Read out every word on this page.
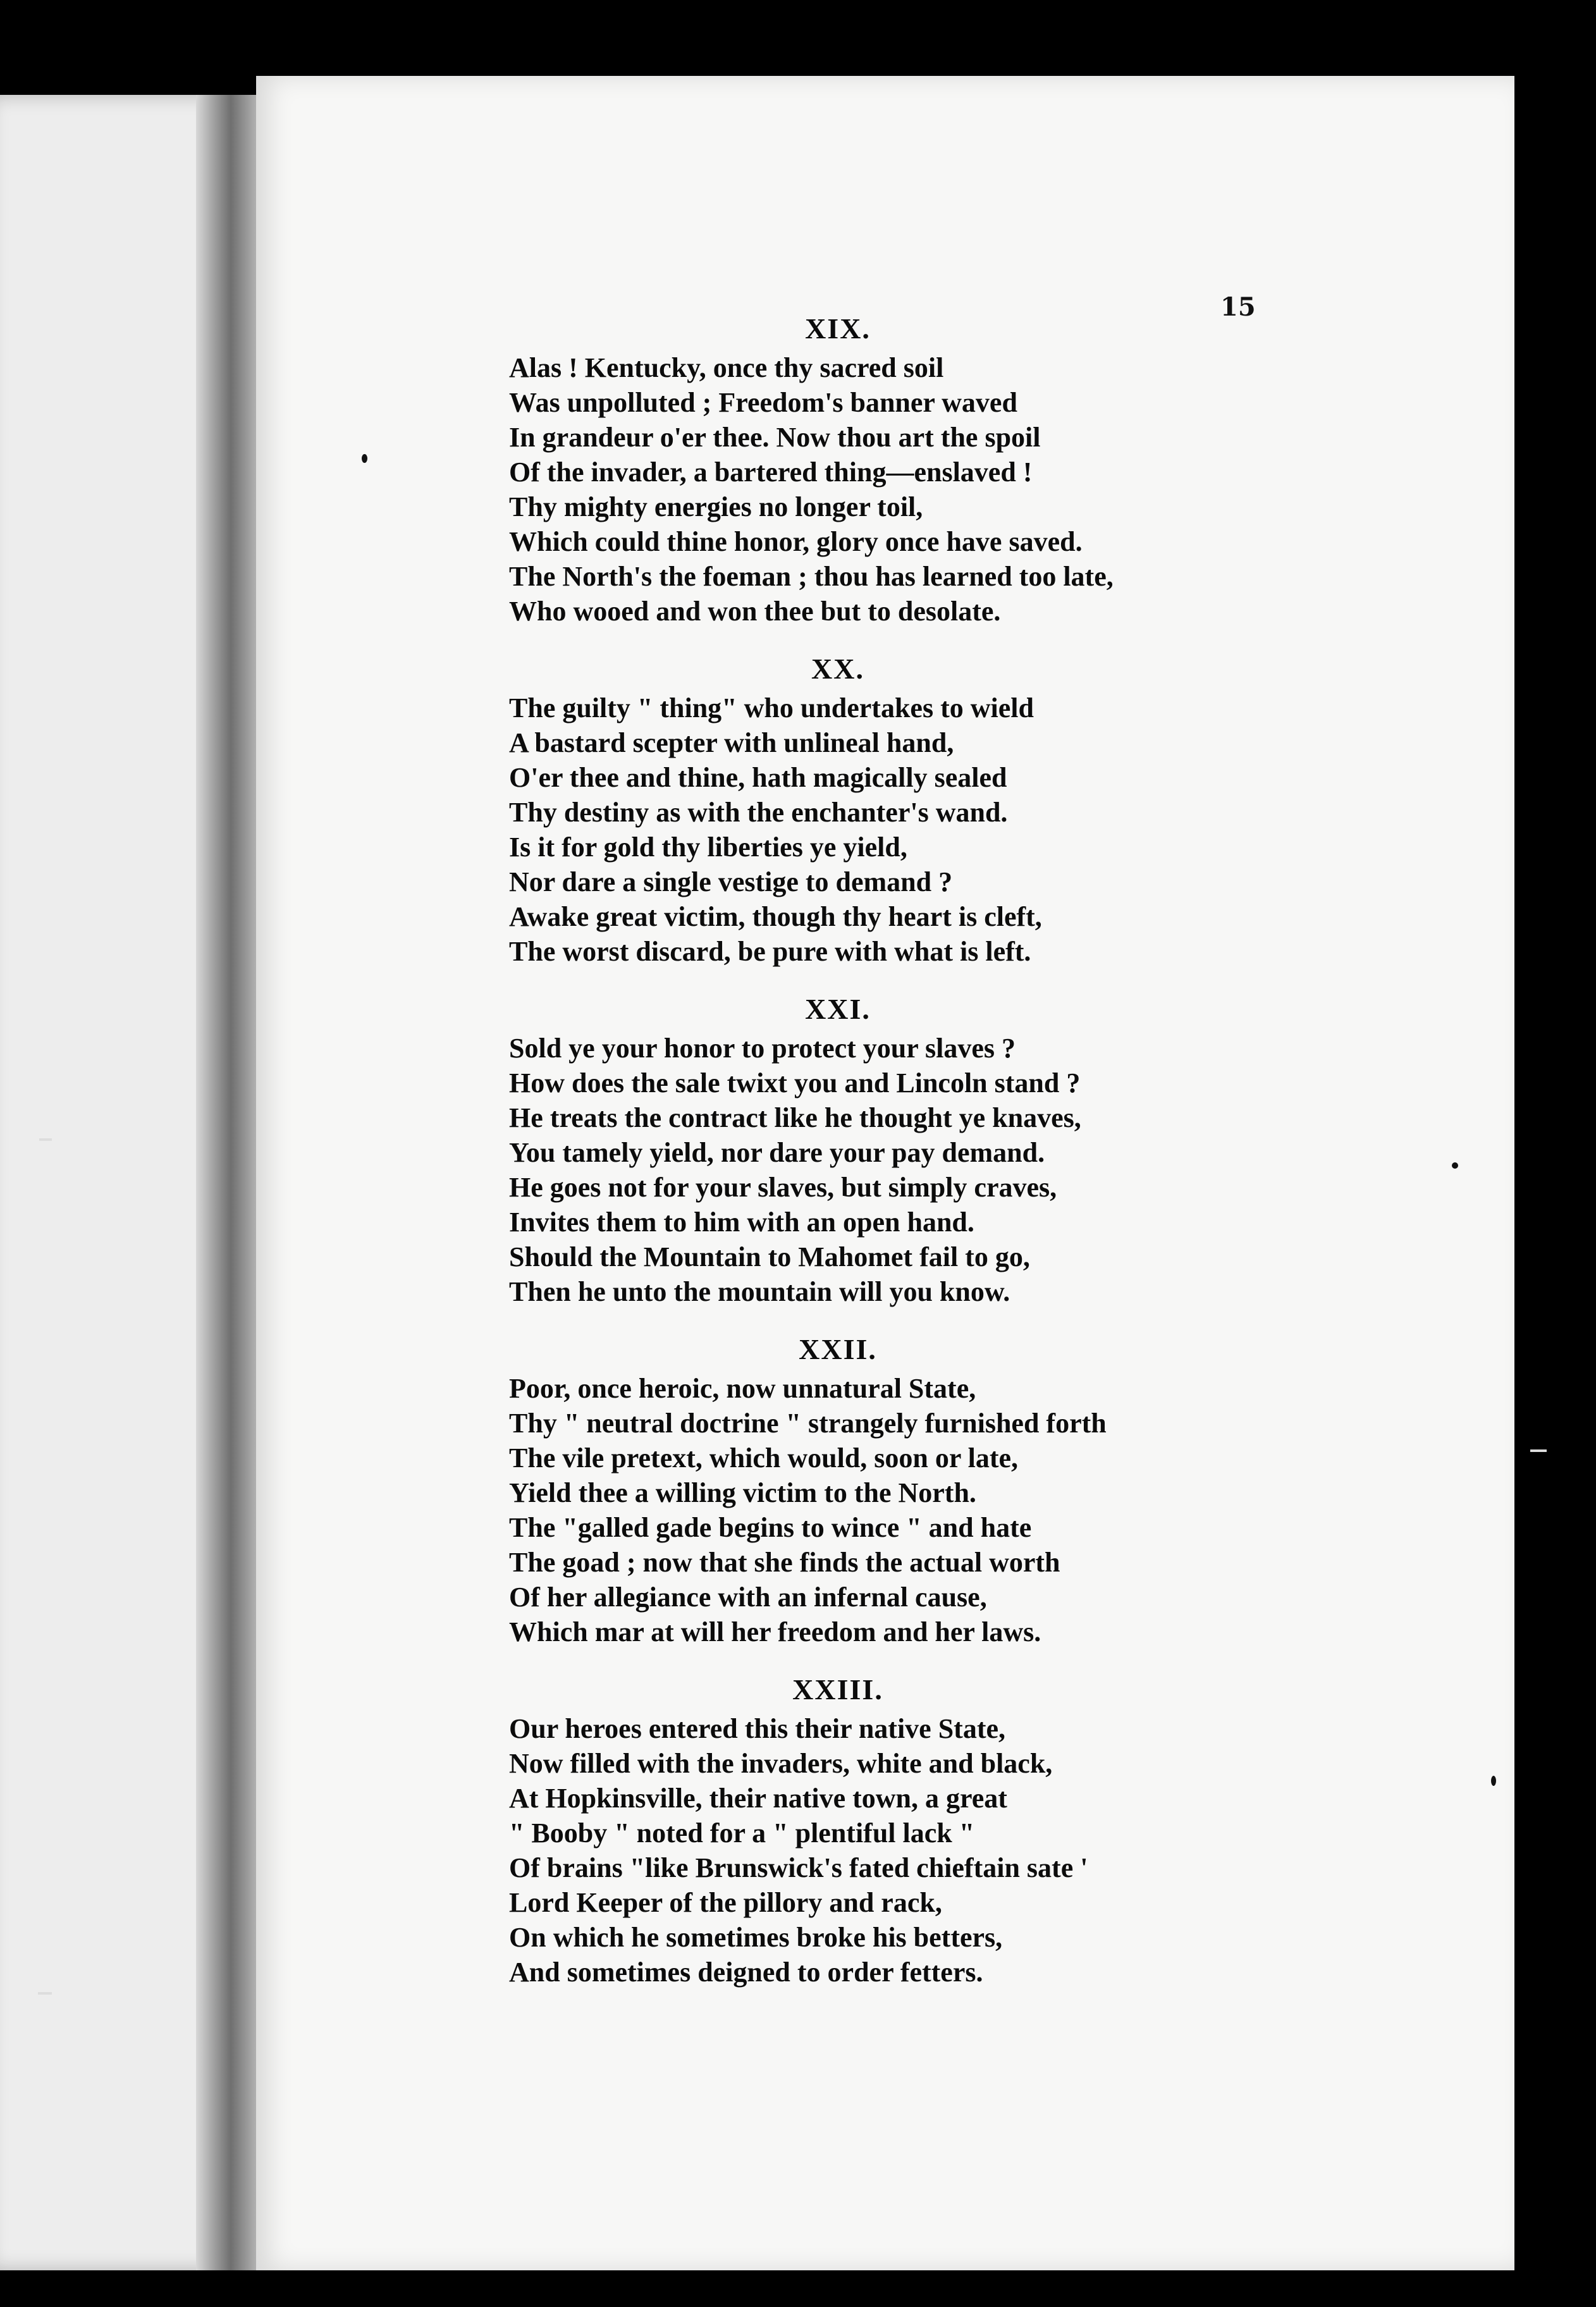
15
XIX.
Alas ! Kentucky, once thy sacred soil
Was unpolluted ; Freedom's banner waved
In grandeur o'er thee. Now thou art the spoil
Of the invader, a bartered thing—enslaved !
Thy mighty energies no longer toil,
Which could thine honor, glory once have saved.
The North's the foeman ; thou has learned too late,
Who wooed and won thee but to desolate.
XX.
The guilty " thing" who undertakes to wield
A bastard scepter with unlineal hand,
O'er thee and thine, hath magically sealed
Thy destiny as with the enchanter's wand.
Is it for gold thy liberties ye yield,
Nor dare a single vestige to demand ?
Awake great victim, though thy heart is cleft,
The worst discard, be pure with what is left.
XXI.
Sold ye your honor to protect your slaves ?
How does the sale twixt you and Lincoln stand ?
He treats the contract like he thought ye knaves,
You tamely yield, nor dare your pay demand.
He goes not for your slaves, but simply craves,
Invites them to him with an open hand.
Should the Mountain to Mahomet fail to go,
Then he unto the mountain will you know.
XXII.
Poor, once heroic, now unnatural State,
Thy " neutral doctrine " strangely furnished forth
The vile pretext, which would, soon or late,
Yield thee a willing victim to the North.
The "galled gade begins to wince " and hate
The goad ; now that she finds the actual worth
Of her allegiance with an infernal cause,
Which mar at will her freedom and her laws.
XXIII.
Our heroes entered this their native State,
Now filled with the invaders, white and black,
At Hopkinsville, their native town, a great
" Booby " noted for a " plentiful lack "
Of brains "like Brunswick's fated chieftain sate '
Lord Keeper of the pillory and rack,
On which he sometimes broke his betters,
And sometimes deigned to order fetters.
